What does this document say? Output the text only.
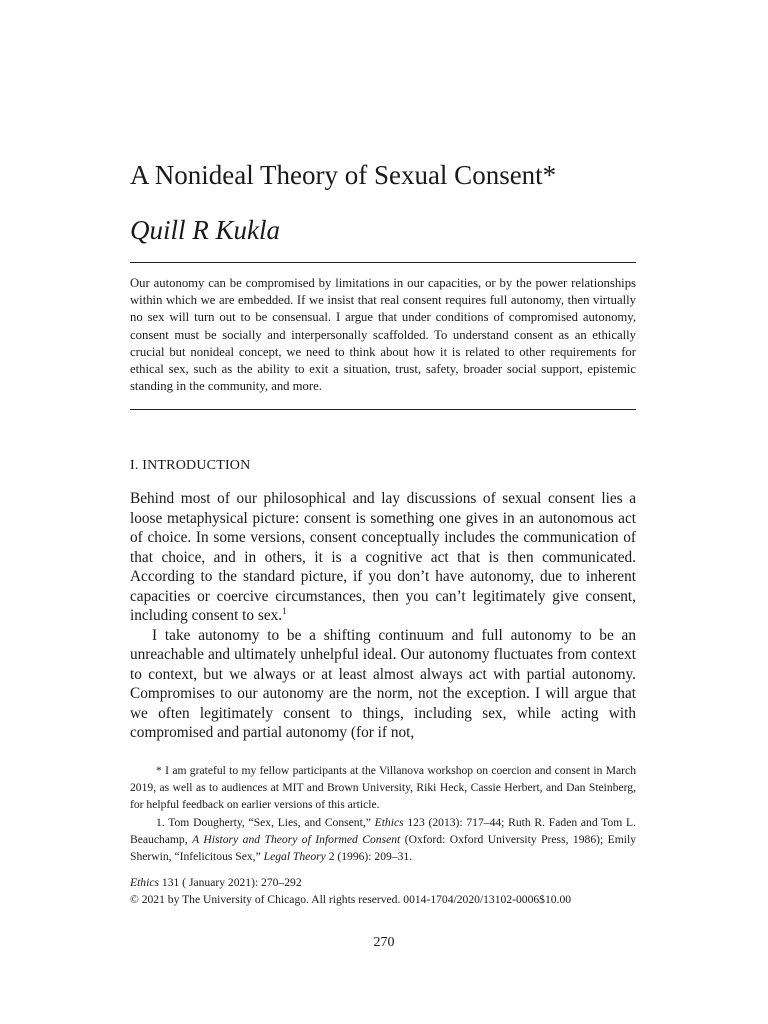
A Nonideal Theory of Sexual Consent*
Quill R Kukla

Our autonomy can be compromised by limitations in our capacities, or by the power relationships within which we are embedded. If we insist that real consent requires full autonomy, then virtually no sex will turn out to be consensual. I argue that under conditions of compromised autonomy, consent must be socially and interpersonally scaffolded. To understand consent as an ethically crucial but nonideal concept, we need to think about how it is related to other requirements for ethical sex, such as the ability to exit a situation, trust, safety, broader social support, epistemic standing in the community, and more.

I. INTRODUCTION

Behind most of our philosophical and lay discussions of sexual consent lies a loose metaphysical picture: consent is something one gives in an autonomous act of choice. In some versions, consent conceptually includes the communication of that choice, and in others, it is a cognitive act that is then communicated. According to the standard picture, if you don’t have autonomy, due to inherent capacities or coercive circumstances, then you can’t legitimately give consent, including consent to sex.$^1$

I take autonomy to be a shifting continuum and full autonomy to be an unreachable and ultimately unhelpful ideal. Our autonomy fluctuates from context to context, but we always or at least almost always act with partial autonomy. Compromises to our autonomy are the norm, not the exception. I will argue that we often legitimately consent to things, including sex, while acting with compromised and partial autonomy (for if not,

* I am grateful to my fellow participants at the Villanova workshop on coercion and consent in March 2019, as well as to audiences at MIT and Brown University, Riki Heck, Cassie Herbert, and Dan Steinberg, for helpful feedback on earlier versions of this article.

1. Tom Dougherty, “Sex, Lies, and Consent,” Ethics 123 (2013): 717–44; Ruth R. Faden and Tom L. Beauchamp, A History and Theory of Informed Consent (Oxford: Oxford University Press, 1986); Emily Sherwin, “Infelicitous Sex,” Legal Theory 2 (1996): 209–31.

Ethics 131 ( January 2021): 270–292
© 2021 by The University of Chicago. All rights reserved. 0014-1704/2020/13102-0006$10.00
270
